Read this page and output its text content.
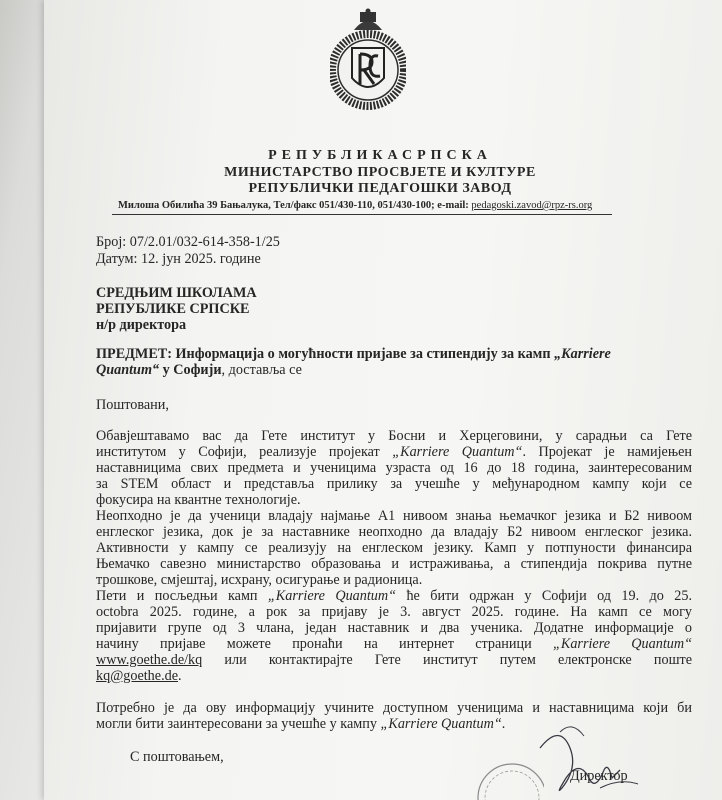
РЕПУБЛИКАСРПСКА
МИНИСТАРСТВО ПРОСВЈЕТЕ И КУЛТУРЕ
РЕПУБЛИЧКИ ПЕДАГОШКИ ЗАВОД
Милоша Обилића 39 Бањалука, Тел/факс 051/430-110, 051/430-100; e-mail: pedagoski.zavod@rpz-rs.org
Број: 07/2.01/032-614-358-1/25
Датум: 12. јун 2025. године
СРЕДЊИМ ШКОЛАМА
РЕПУБЛИКЕ СРПСКЕ
н/р директора
ПРЕДМЕТ: Информација о могућности пријаве за стипендију за камп „Karriere Quantum“ у Софији, доставља се
Поштовани,
Обавјештавамо вас да Гете институт у Босни и Херцеговини, у сарадњи са Гете
институтом у Софији, реализује пројекат „Karriere Quantum“. Пројекат је намијењен
наставницима свих предмета и ученицима узраста од 16 до 18 година, заинтересованим
за STEM област и представља прилику за учешће у међународном кампу који се
фокусира на квантне технологије.
Неопходно је да ученици владају најмање А1 нивоом знања њемачког језика и Б2 нивоом
енглеског језика, док је за наставнике неопходно да владају Б2 нивоом енглеског језика.
Активности у кампу се реализују на енглеском језику. Камп у потпуности финансира
Њемачко савезно министарство образовања и истраживања, а стипендија покрива путне
трошкове, смјештај, исхрану, осигурање и радионица.
Пети и посљедњи камп „Karriere Quantum“ ће бити одржан у Софији од 19. до 25.
octobra 2025. године, а рок за пријаву је 3. август 2025. године. На камп се могу
пријавити групе од 3 члана, један наставник и два ученика. Додатне информације о
начину пријаве можете пронаћи на интернет страници „Karriere Quantum“
www.goethe.de/kq или контактирајте Гете институт путем електронске поште
kq@goethe.de.
Потребно је да ову информацију учините доступном ученицима и наставницима који би
могли бити заинтересовани за учешће у кампу „Karriere Quantum“.
С поштовањем,
Директор
